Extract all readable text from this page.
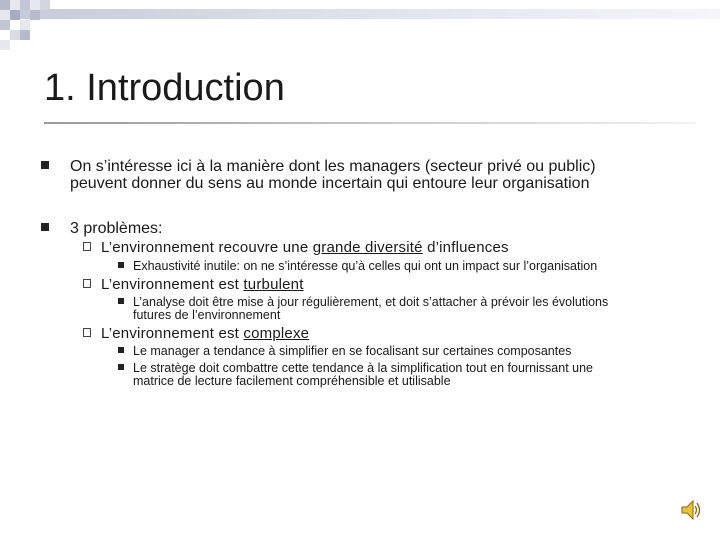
1. Introduction
On s’intéresse ici à la manière dont les managers (secteur privé ou public)
peuvent donner du sens au monde incertain qui entoure leur organisation
3 problèmes:
L’environnement recouvre une grande diversité d’influences
Exhaustivité inutile: on ne s’intéresse qu’à celles qui ont un impact sur l’organisation
L’environnement est turbulent
L’analyse doit être mise à jour régulièrement, et doit s’attacher à prévoir les évolutions
futures de l’environnement
L’environnement est complexe
Le manager a tendance à simplifier en se focalisant sur certaines composantes
Le stratège doit combattre cette tendance à la simplification tout en fournissant une
matrice de lecture facilement compréhensible et utilisable
